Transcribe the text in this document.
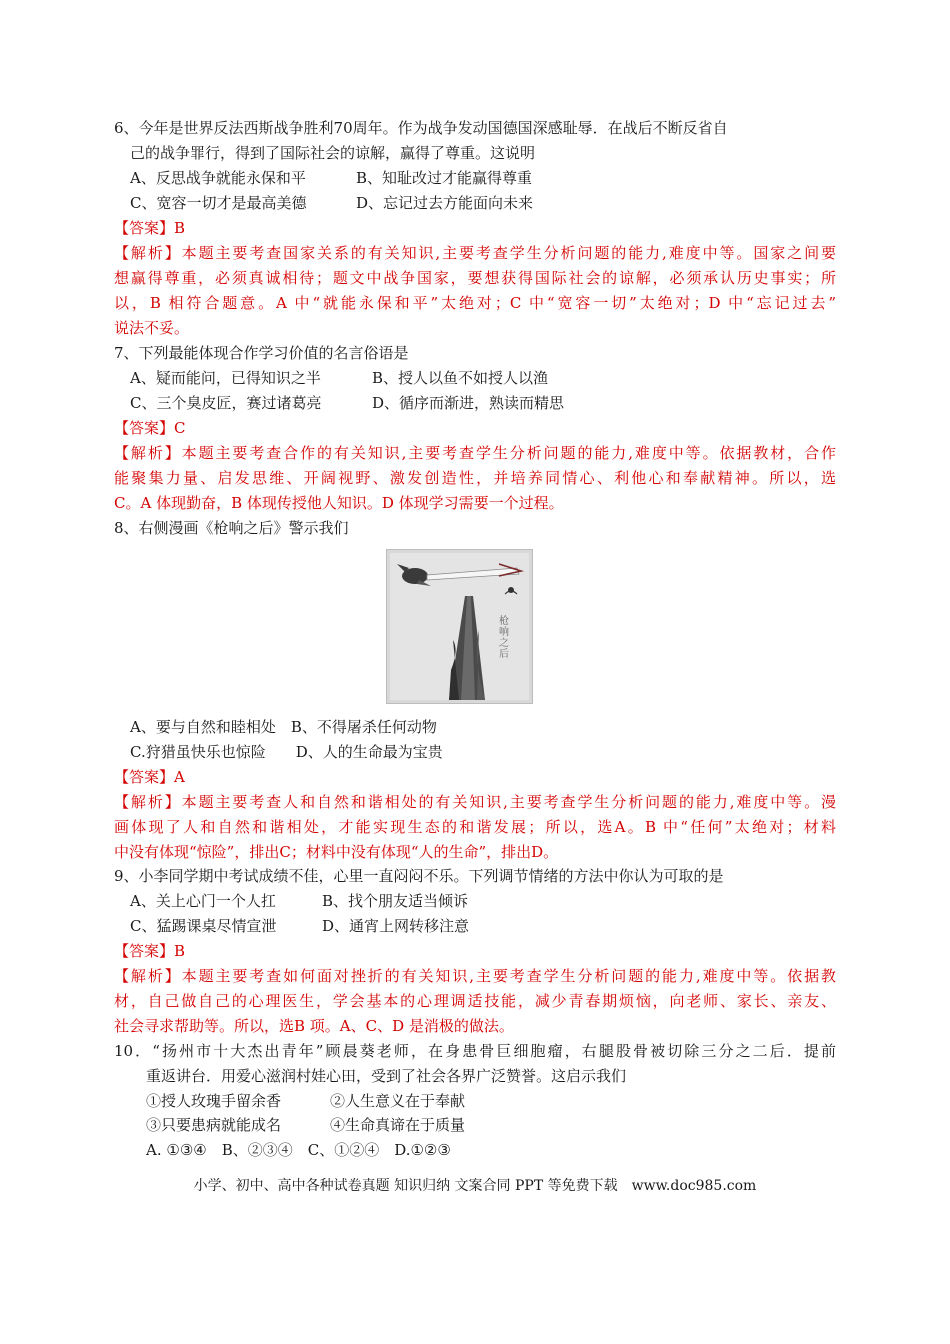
6、今年是世界反法西斯战争胜利70周年。作为战争发动国德国深感耻辱．在战后不断反省自
己的战争罪行，得到了国际社会的谅解，赢得了尊重。这说明
A、反思战争就能永保和平	B、知耻改过才能赢得尊重
C、宽容一切才是最高美德	D、忘记过去方能面向未来
【答案】B
【解析】本题主要考查国家关系的有关知识,主要考查学生分析问题的能力,难度中等。国家之间要
想赢得尊重，必须真诚相待；题文中战争国家，要想获得国际社会的谅解，必须承认历史事实；所
以，B 相符合题意。A 中“就能永保和平”太绝对；C 中“宽容一切”太绝对；D 中“忘记过去”
说法不妥。
7、下列最能体现合作学习价值的名言俗语是
A、疑而能问，已得知识之半	B、授人以鱼不如授人以渔
C、三个臭皮匠，赛过诸葛亮	D、循序而渐进，熟读而精思
【答案】C
【解析】本题主要考查合作的有关知识,主要考查学生分析问题的能力,难度中等。依据教材，合作
能聚集力量、启发思维、开阔视野、激发创造性，并培养同情心、利他心和奉献精神。所以，选
C。A 体现勤奋，B 体现传授他人知识。D 体现学习需要一个过程。
8、右侧漫画《枪响之后》警示我们
枪响之后
A、要与自然和睦相处　B、不得屠杀任何动物
C.狩猎虽快乐也惊险　　D、人的生命最为宝贵
【答案】A
【解析】本题主要考查人和自然和谐相处的有关知识,主要考查学生分析问题的能力,难度中等。漫
画体现了人和自然和谐相处，才能实现生态的和谐发展；所以，选A。B 中“任何”太绝对；材料
中没有体现“惊险”，排出C；材料中没有体现“人的生命”，排出D。
9、小李同学期中考试成绩不佳，心里一直闷闷不乐。下列调节情绪的方法中你认为可取的是
A、关上心门一个人扛	B、找个朋友适当倾诉
C、猛踢课桌尽情宣泄	D、通宵上网转移注意
【答案】B
【解析】本题主要考查如何面对挫折的有关知识,主要考查学生分析问题的能力,难度中等。依据教
材，自己做自己的心理医生，学会基本的心理调适技能，减少青春期烦恼，向老师、家长、亲友、
社会寻求帮助等。所以，选B 项。A、C、D 是消极的做法。
10．“扬州市十大杰出青年”顾晨葵老师，在身患骨巨细胞瘤，右腿股骨被切除三分之二后．提前
重返讲台．用爱心滋润村娃心田，受到了社会各界广泛赞誉。这启示我们
①授人玫瑰手留余香	②人生意义在于奉献
③只要患病就能成名	④生命真谛在于质量
A. ①③④　B、②③④　C、①②④　D.①②③
小学、初中、高中各种试卷真题 知识归纳 文案合同 PPT 等免费下载　www.doc985.com
